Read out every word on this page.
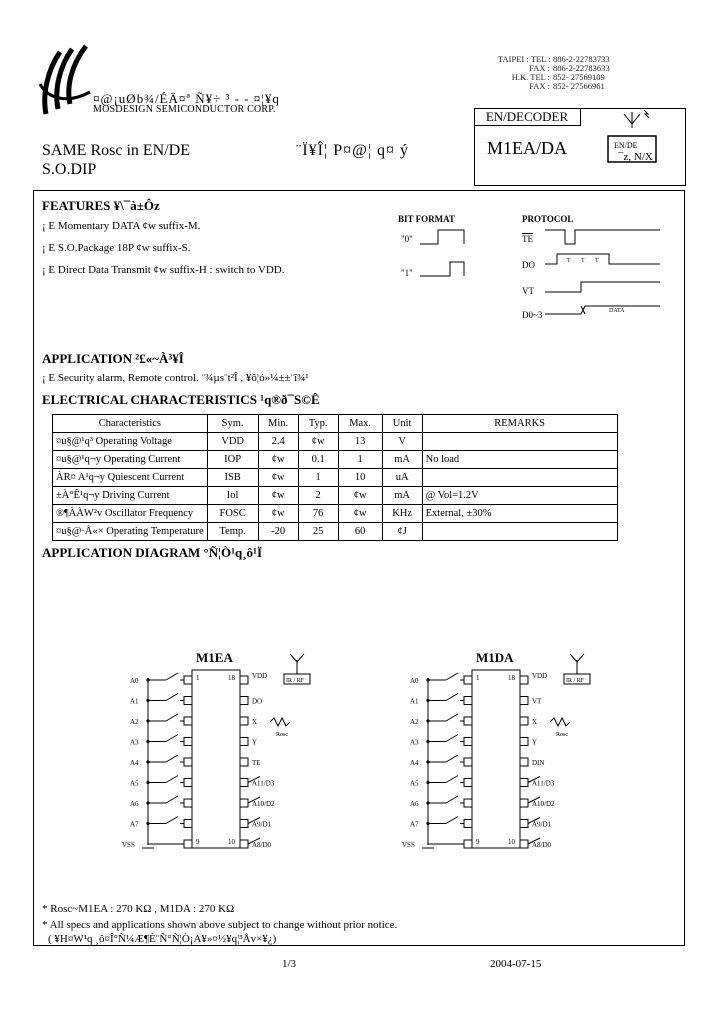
¤@¡uØb¾/ÉÄ¤ª Ñ¥÷ ³ - - ¤¦¥q
MOSDESIGN SEMICONDUCTOR CORP.
TAIPEI : TEL : 886-2-22783733
FAX : 886-2-22783633
H.K. TEL : 852- 27569109
FAX : 852- 27566961
EN/DECODER
M1EA/DA	EN/DE
¯z, N/X
SAME Rosc in EN/DE
S.O.DIP
¨Ï¥Î¦ P¤@¦ q¤ ý
FEATURES ¥\¯à±Ôz
¡ E Momentary DATA ¢w suffix-M.
¡ E S.O.Package 18P ¢w suffix-S.
¡ E Direct Data Transmit ¢w suffix-H : switch to VDD.
BIT FORMAT
"0"
"1"
PROTOCOL
$\overline{TE}$
DO
VT
D0~3
T T T
DATA
APPLICATION ²£«~À³¥Î
¡ E Security alarm, Remote control. ¨¾µs¨t²Î , ¥ô¦ó»¼±±¨î¾¹
ELECTRICAL CHARACTERISTICS ¹q®ð¯S©Ê
Characteristics	Sym.	Min.	Typ.	Max.	Unit	REMARKS
¤u§@¹q³ Operating Voltage	VDD	2.4	¢w	13	V	
¤u§@¹q¬y Operating Current	IOP	¢w	0.1	1	mA	No load
ÀR¤ A¹q¬y Quiescent Current	ISB	¢w	1	10	uA	
±À°Ê¹q¬y Driving Current	Iol	¢w	2	¢w	mA	@ Vol=1.2V
®¶ÀÀW²v Oscillator Frequency	FOSC	¢w	76	¢w	KHz	External, ±30%
¤u§@·Å«× Operating Temperature	Temp.	-20	25	60	¢J	
APPLICATION DIAGRAM °Ñ¦Ò¹q¸ô¹Ï
M1EA
1	18
9	10
A0
VDD
A1	DO
A2	X
A3	Y
A4	TE
A5	A11/D3
A6	A10/D2
A7	A9/D1
VSS	A8/D0
IR / RF
Rosc
M1DA
1	18
9	10
A0
VDD
A1	VT
A2	X
A3	Y
A4	DIN
A5	A11/D3
A6	A10/D2
A7	A9/D1
VSS	A8/D0
IR / RF
Rosc
* Rosc~M1EA : 270 KΩ , M1DA : 270 KΩ
* All specs and applications shown above subject to change without prior notice.
( ¥H¤W¹q ¸ô¤Î°Ñ¼Æ¶È¨Ñ°Ñ¦Ò¡A¥»¤½¥q¦³Åv×¥¿)
1/3	2004-07-15
